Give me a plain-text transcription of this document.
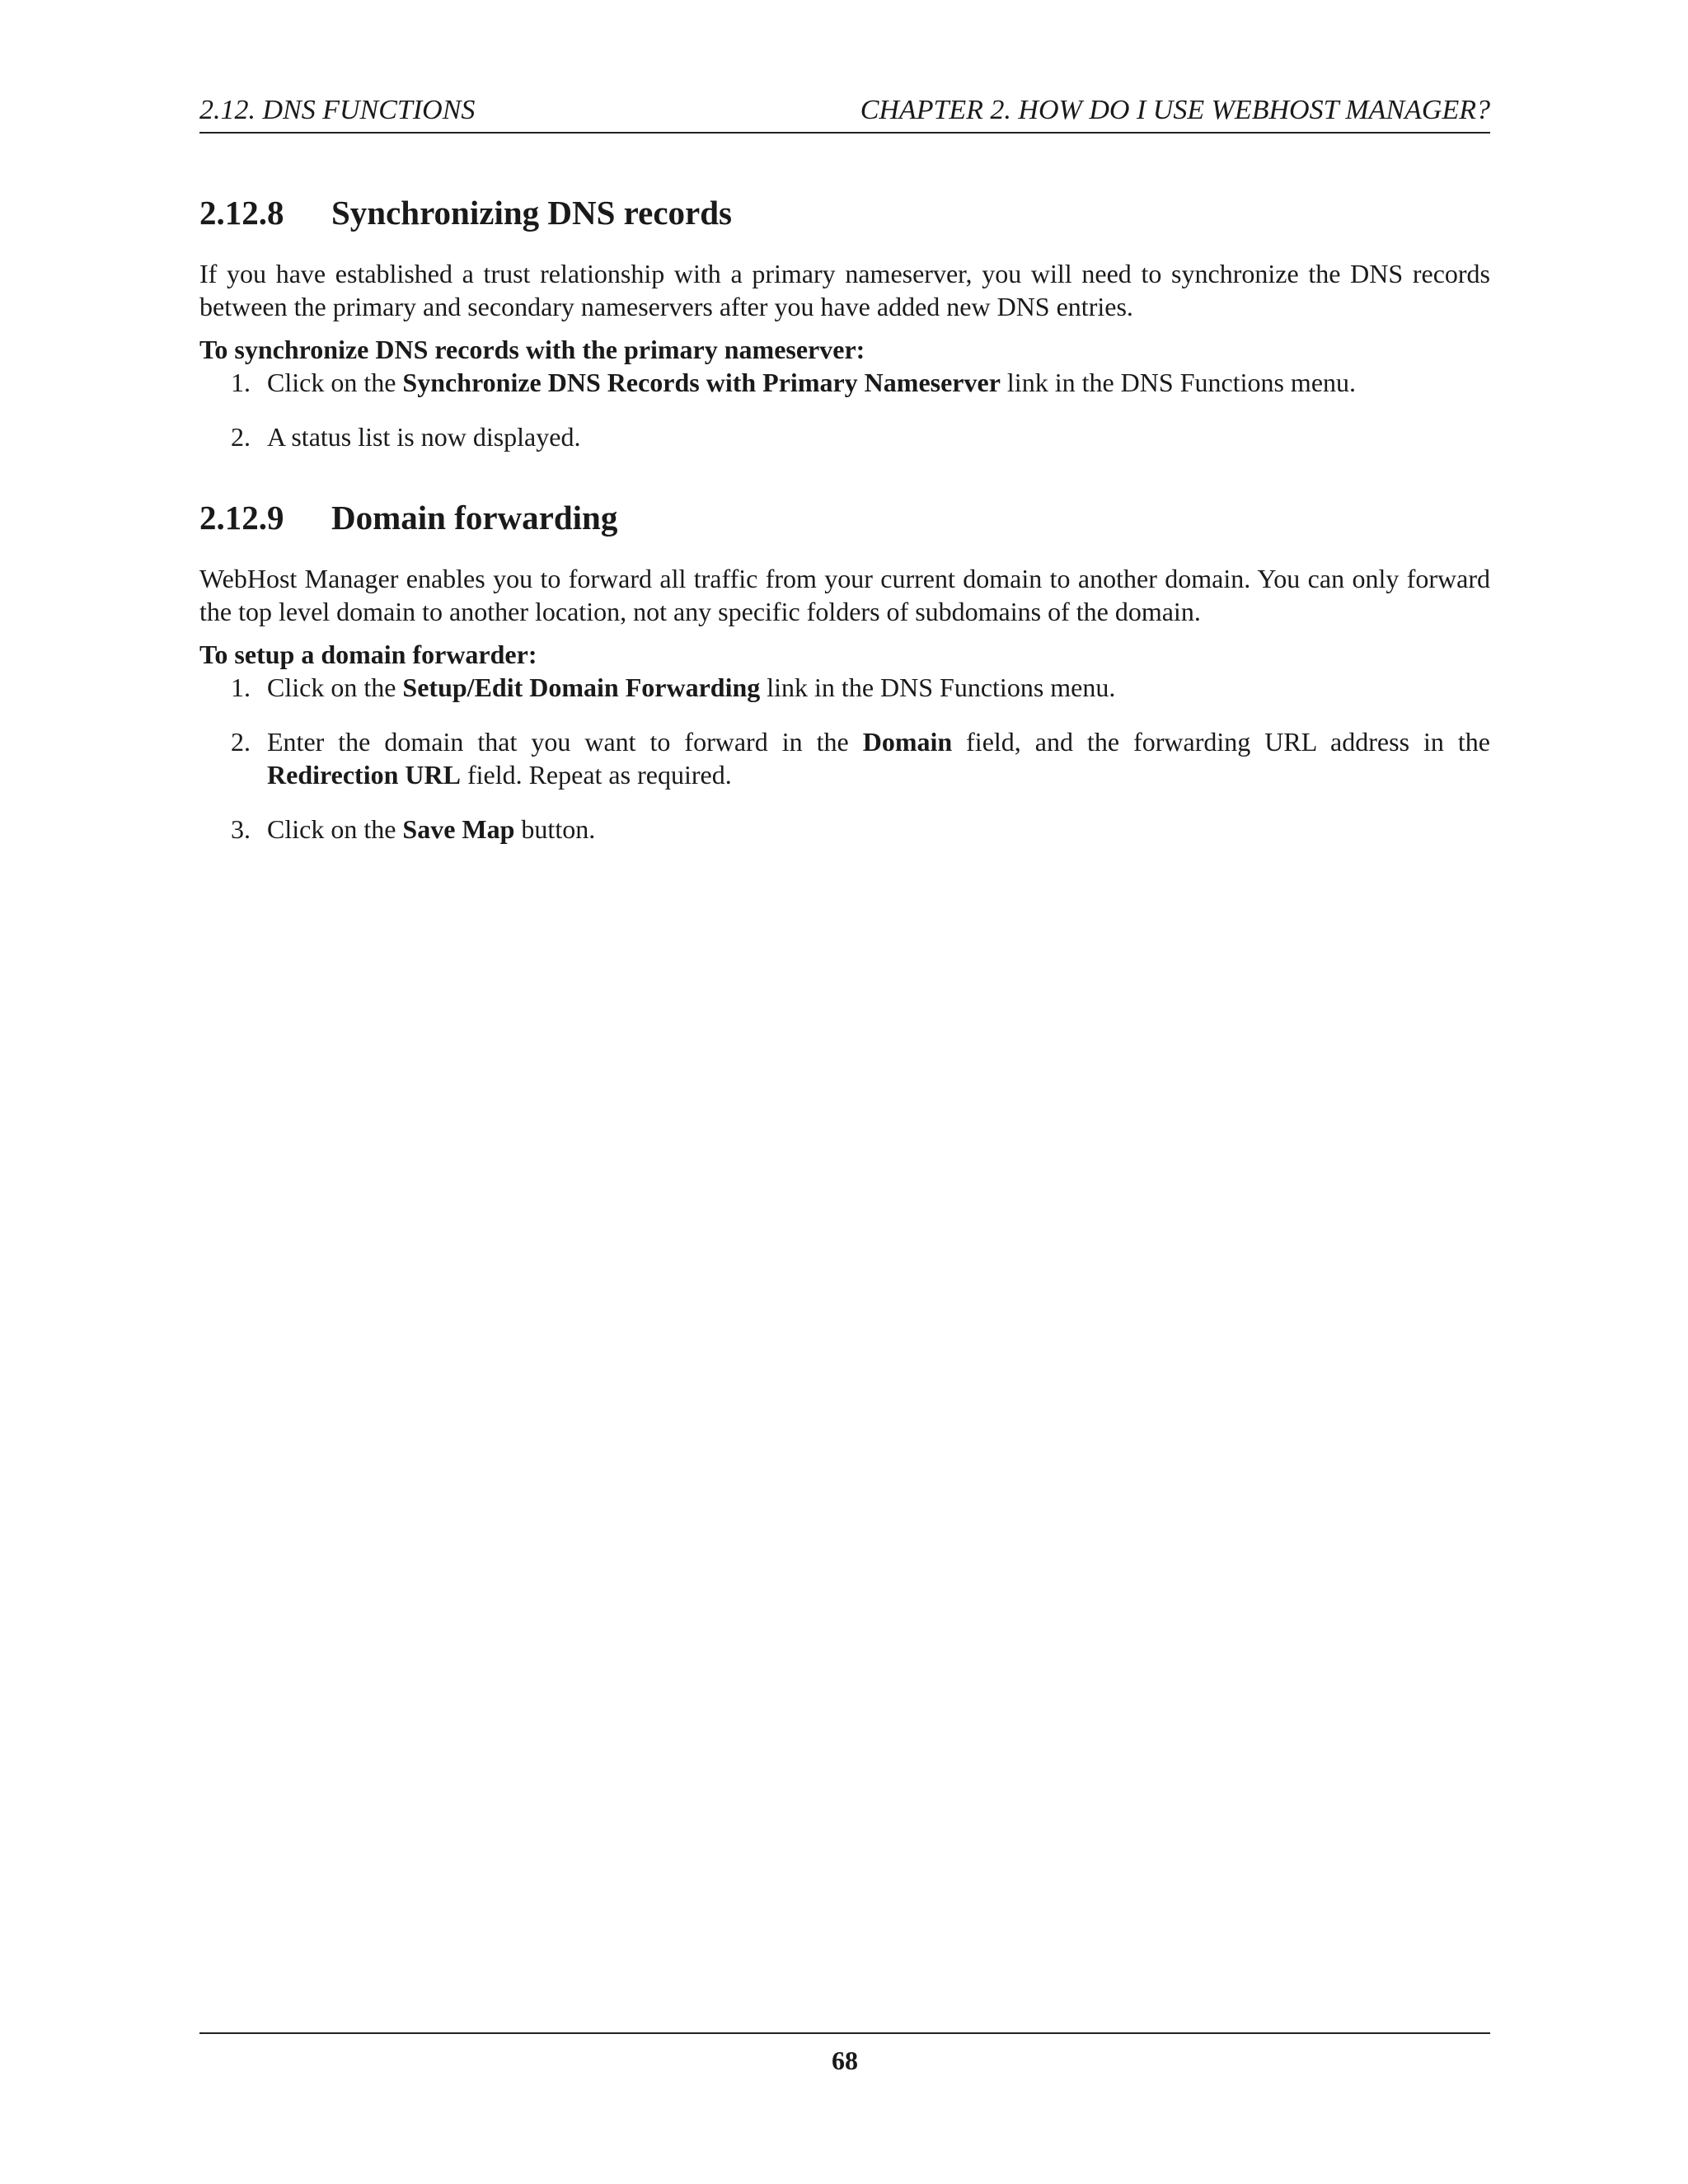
2.12. DNS FUNCTIONS	CHAPTER 2. HOW DO I USE WEBHOST MANAGER?
2.12.8	Synchronizing DNS records

If you have established a trust relationship with a primary nameserver, you will need to synchronize the DNS records between the primary and secondary nameservers after you have added new DNS entries.

To synchronize DNS records with the primary nameserver:

1. Click on the Synchronize DNS Records with Primary Nameserver link in the DNS Functions menu.
2. A status list is now displayed.
2.12.9	Domain forwarding

WebHost Manager enables you to forward all traffic from your current domain to another domain. You can only forward the top level domain to another location, not any specific folders of subdomains of the domain.

To setup a domain forwarder:

1. Click on the Setup/Edit Domain Forwarding link in the DNS Functions menu.
2. Enter the domain that you want to forward in the Domain field, and the forwarding URL address in the Redirection URL field. Repeat as required.
3. Click on the Save Map button.
68
